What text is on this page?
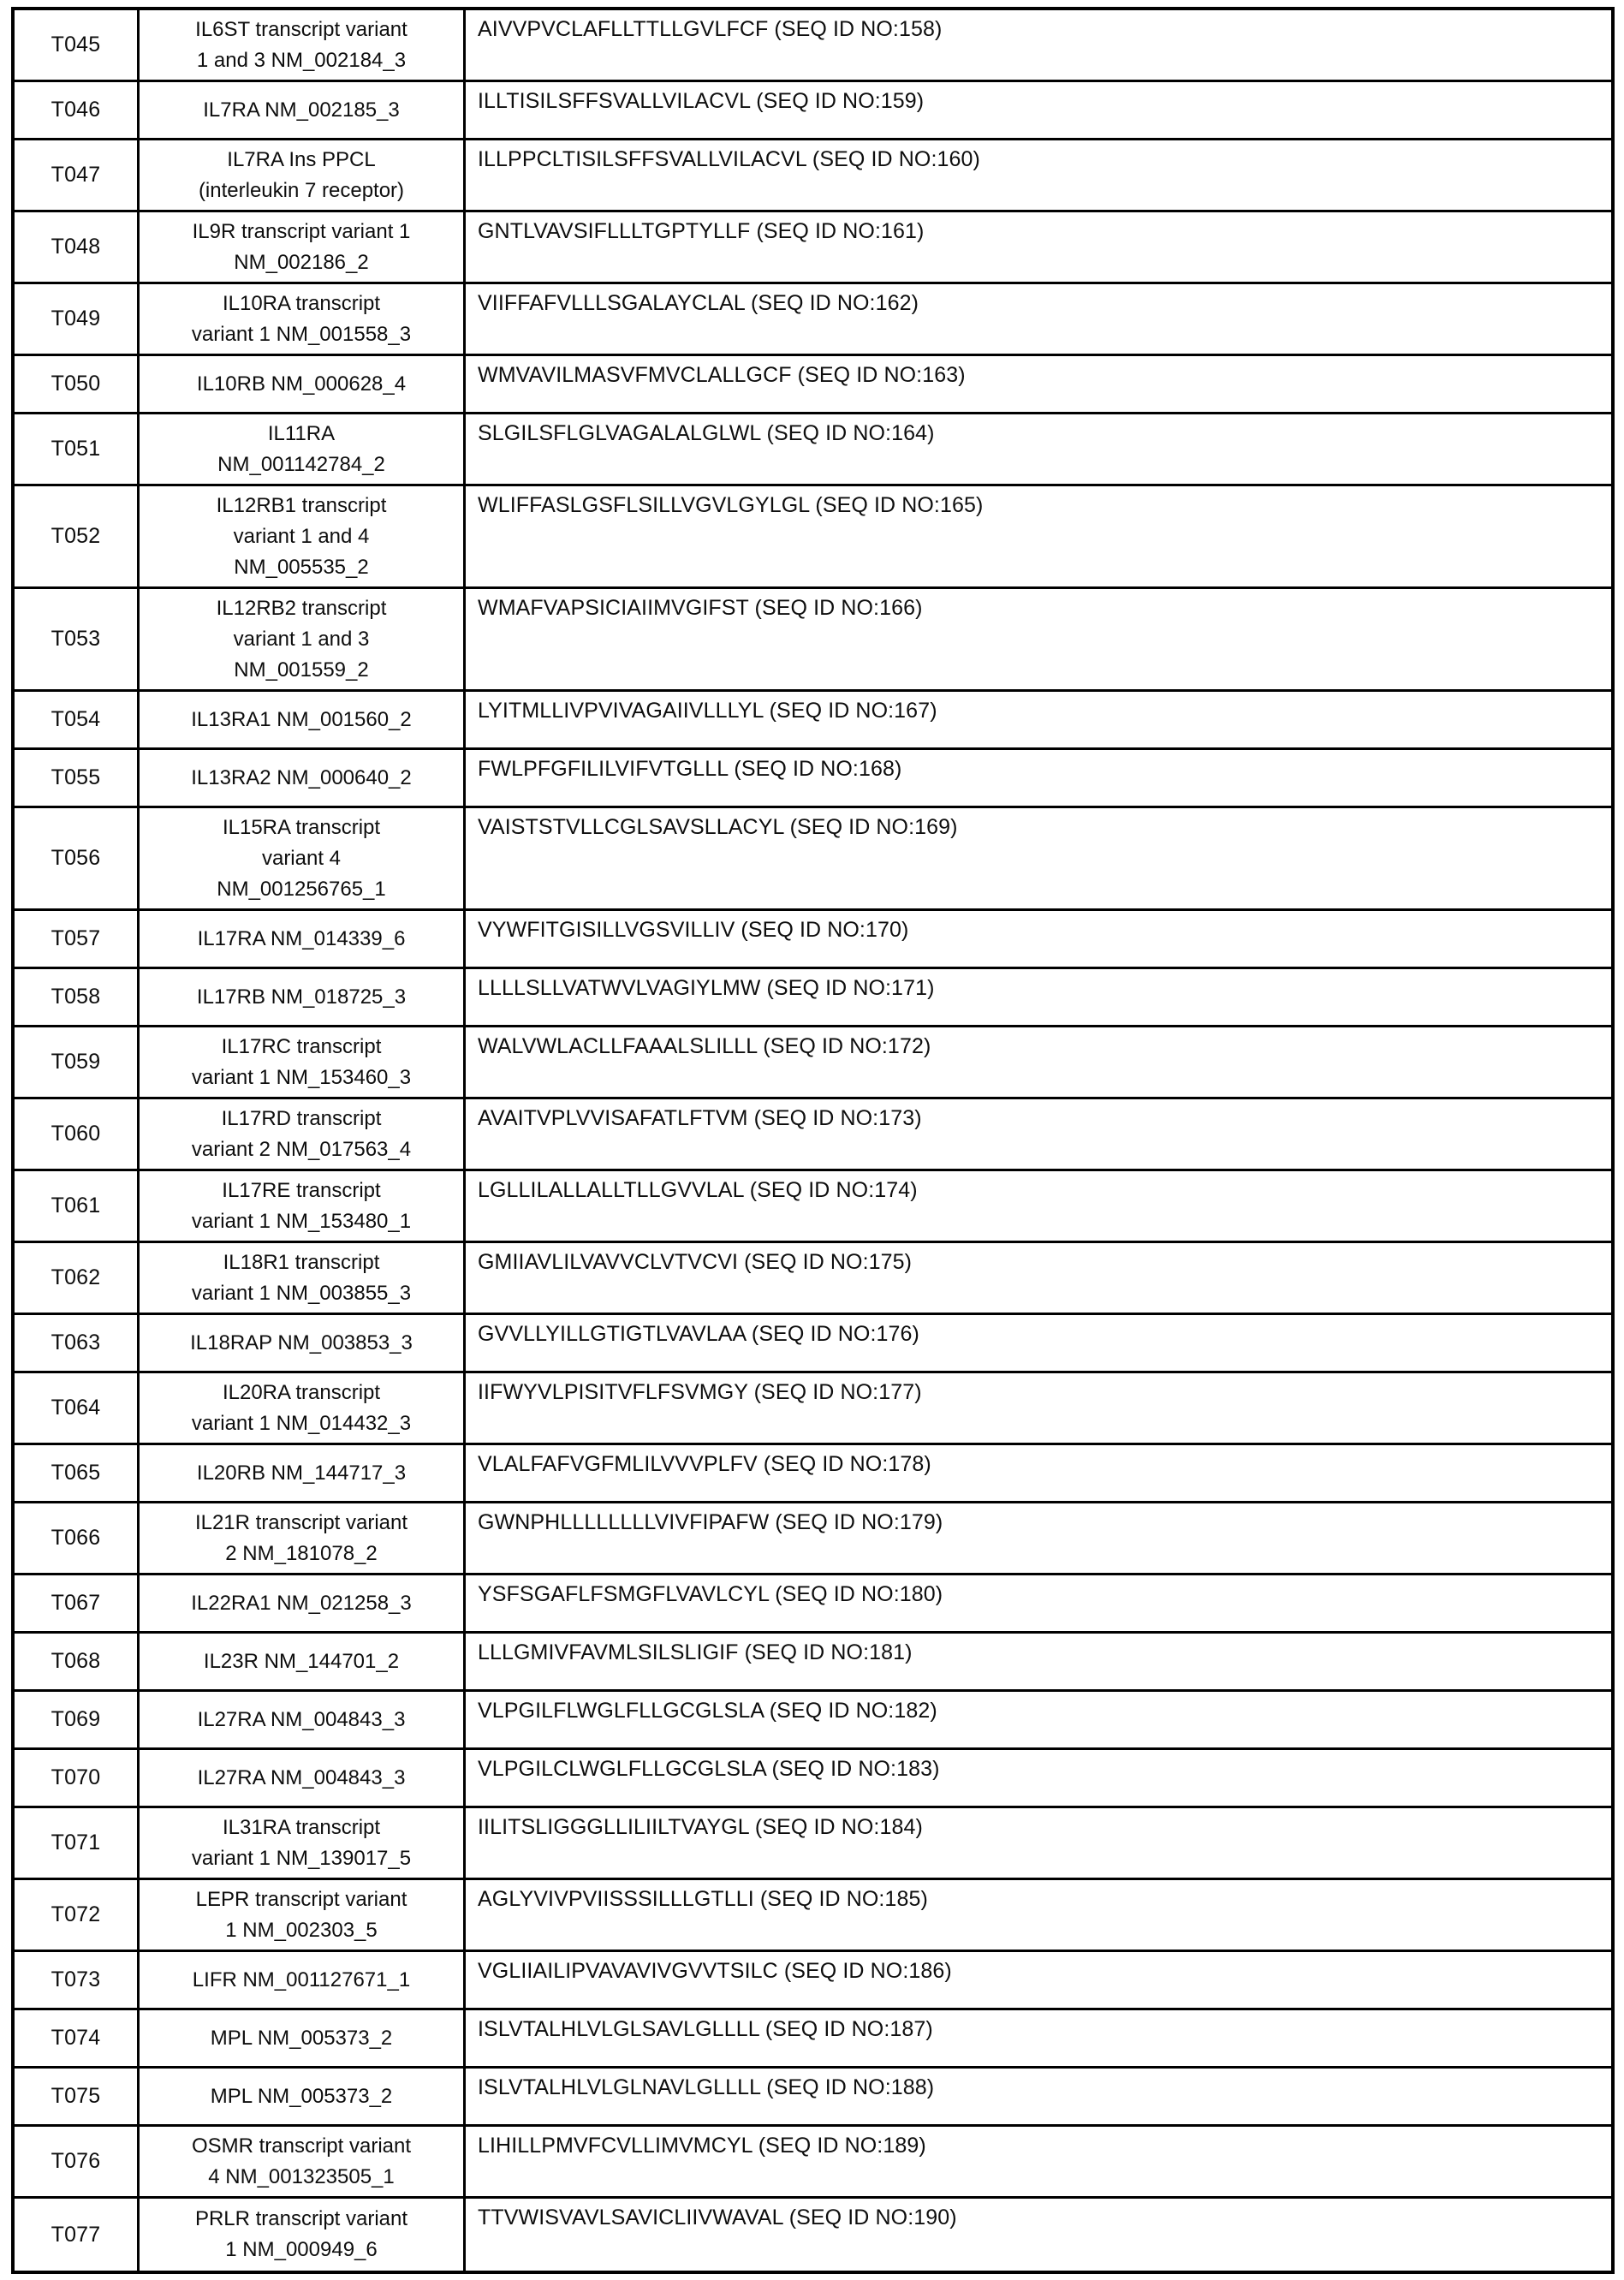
T045
IL6ST transcript variant
1 and 3 NM_002184_3
AIVVPVCLAFLLTTLLGVLFCF (SEQ ID NO:158)
T046	IL7RA NM_002185_3	ILLTISILSFFSVALLVILACVL (SEQ ID NO:159)
T047
IL7RA Ins PPCL
(interleukin 7 receptor)
ILLPPCLTISILSFFSVALLVILACVL (SEQ ID NO:160)
T048
IL9R transcript variant 1
NM_002186_2
GNTLVAVSIFLLLTGPTYLLF (SEQ ID NO:161)
T049
IL10RA transcript
variant 1 NM_001558_3
VIIFFAFVLLLSGALAYCLAL (SEQ ID NO:162)
T050	IL10RB NM_000628_4	WMVAVILMASVFMVCLALLGCF (SEQ ID NO:163)
T051
IL11RA
NM_001142784_2
SLGILSFLGLVAGALALGLWL (SEQ ID NO:164)
T052
IL12RB1 transcript
variant 1 and 4
NM_005535_2
WLIFFASLGSFLSILLVGVLGYLGL (SEQ ID NO:165)
T053
IL12RB2 transcript
variant 1 and 3
NM_001559_2
WMAFVAPSICIAIIMVGIFST (SEQ ID NO:166)
T054	IL13RA1 NM_001560_2	LYITMLLIVPVIVAGAIIVLLLYL (SEQ ID NO:167)
T055	IL13RA2 NM_000640_2	FWLPFGFILILVIFVTGLLL (SEQ ID NO:168)
T056
IL15RA transcript
variant 4
NM_001256765_1
VAISTSTVLLCGLSAVSLLACYL (SEQ ID NO:169)
T057	IL17RA NM_014339_6	VYWFITGISILLVGSVILLIV (SEQ ID NO:170)
T058	IL17RB NM_018725_3	LLLLSLLVATWVLVAGIYLMW (SEQ ID NO:171)
T059
IL17RC transcript
variant 1 NM_153460_3
WALVWLACLLFAAALSLILLL (SEQ ID NO:172)
T060
IL17RD transcript
variant 2 NM_017563_4
AVAITVPLVVISAFATLFTVM (SEQ ID NO:173)
T061
IL17RE transcript
variant 1 NM_153480_1
LGLLILALLALLTLLGVVLAL (SEQ ID NO:174)
T062
IL18R1 transcript
variant 1 NM_003855_3
GMIIAVLILVAVVCLVTVCVI (SEQ ID NO:175)
T063	IL18RAP NM_003853_3	GVVLLYILLGTIGTLVAVLAA (SEQ ID NO:176)
T064
IL20RA transcript
variant 1 NM_014432_3
IIFWYVLPISITVFLFSVMGY (SEQ ID NO:177)
T065	IL20RB NM_144717_3	VLALFAFVGFMLILVVVPLFV (SEQ ID NO:178)
T066
IL21R transcript variant
2 NM_181078_2
GWNPHLLLLLLLLVIVFIPAFW (SEQ ID NO:179)
T067	IL22RA1 NM_021258_3	YSFSGAFLFSMGFLVAVLCYL (SEQ ID NO:180)
T068	IL23R NM_144701_2	LLLGMIVFAVMLSILSLIGIF (SEQ ID NO:181)
T069	IL27RA NM_004843_3	VLPGILFLWGLFLLGCGLSLA (SEQ ID NO:182)
T070	IL27RA NM_004843_3	VLPGILCLWGLFLLGCGLSLA (SEQ ID NO:183)
T071
IL31RA transcript
variant 1 NM_139017_5
IILITSLIGGGLLILIILTVAYGL (SEQ ID NO:184)
T072
LEPR transcript variant
1 NM_002303_5
AGLYVIVPVIISSSILLLGTLLI (SEQ ID NO:185)
T073	LIFR NM_001127671_1	VGLIIAILIPVAVAVIVGVVTSILC (SEQ ID NO:186)
T074	MPL NM_005373_2	ISLVTALHLVLGLSAVLGLLLL (SEQ ID NO:187)
T075	MPL NM_005373_2	ISLVTALHLVLGLNAVLGLLLL (SEQ ID NO:188)
T076
OSMR transcript variant
4 NM_001323505_1
LIHILLPMVFCVLLIMVMCYL (SEQ ID NO:189)
T077
PRLR transcript variant
1 NM_000949_6
TTVWISVAVLSAVICLIIVWAVAL (SEQ ID NO:190)
